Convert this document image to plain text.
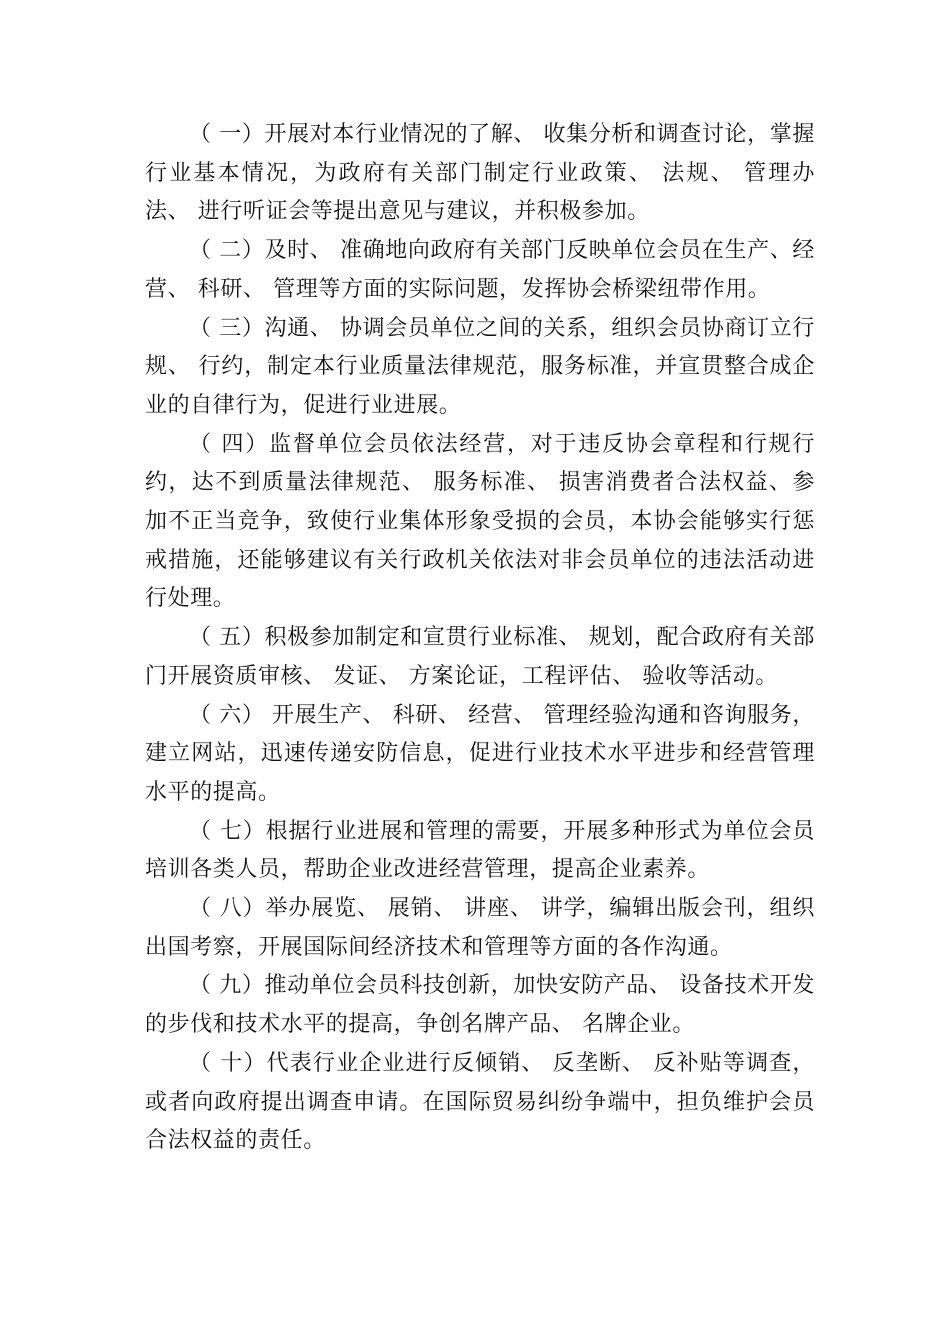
（ 一）开展对本行业情况的了解、 收集分析和调查讨论，掌握行业基本情况，为政府有关部门制定行业政策、 法规、 管理办法、 进行听证会等提出意见与建议，并积极参加。

（ 二）及时、 准确地向政府有关部门反映单位会员在生产、经营、 科研、 管理等方面的实际问题，发挥协会桥梁纽带作用。

（ 三）沟通、 协调会员单位之间的关系，组织会员协商订立行规、 行约，制定本行业质量法律规范，服务标准，并宣贯整合成企业的自律行为，促进行业进展。

（ 四）监督单位会员依法经营，对于违反协会章程和行规行约，达不到质量法律规范、 服务标准、 损害消费者合法权益、参加不正当竞争，致使行业集体形象受损的会员，本协会能够实行惩戒措施，还能够建议有关行政机关依法对非会员单位的违法活动进行处理。

（ 五）积极参加制定和宣贯行业标准、 规划，配合政府有关部门开展资质审核、 发证、 方案论证，工程评估、 验收等活动。

（ 六） 开展生产、 科研、 经营、 管理经验沟通和咨询服务，建立网站，迅速传递安防信息，促进行业技术水平进步和经营管理水平的提高。

（ 七）根据行业进展和管理的需要，开展多种形式为单位会员培训各类人员，帮助企业改进经营管理，提高企业素养。

（ 八）举办展览、 展销、 讲座、 讲学，编辑出版会刊，组织出国考察，开展国际间经济技术和管理等方面的各作沟通。

（ 九）推动单位会员科技创新，加快安防产品、 设备技术开发的步伐和技术水平的提高，争创名牌产品、 名牌企业。

（ 十）代表行业企业进行反倾销、 反垄断、 反补贴等调查，或者向政府提出调查申请。在国际贸易纠纷争端中，担负维护会员合法权益的责任。
